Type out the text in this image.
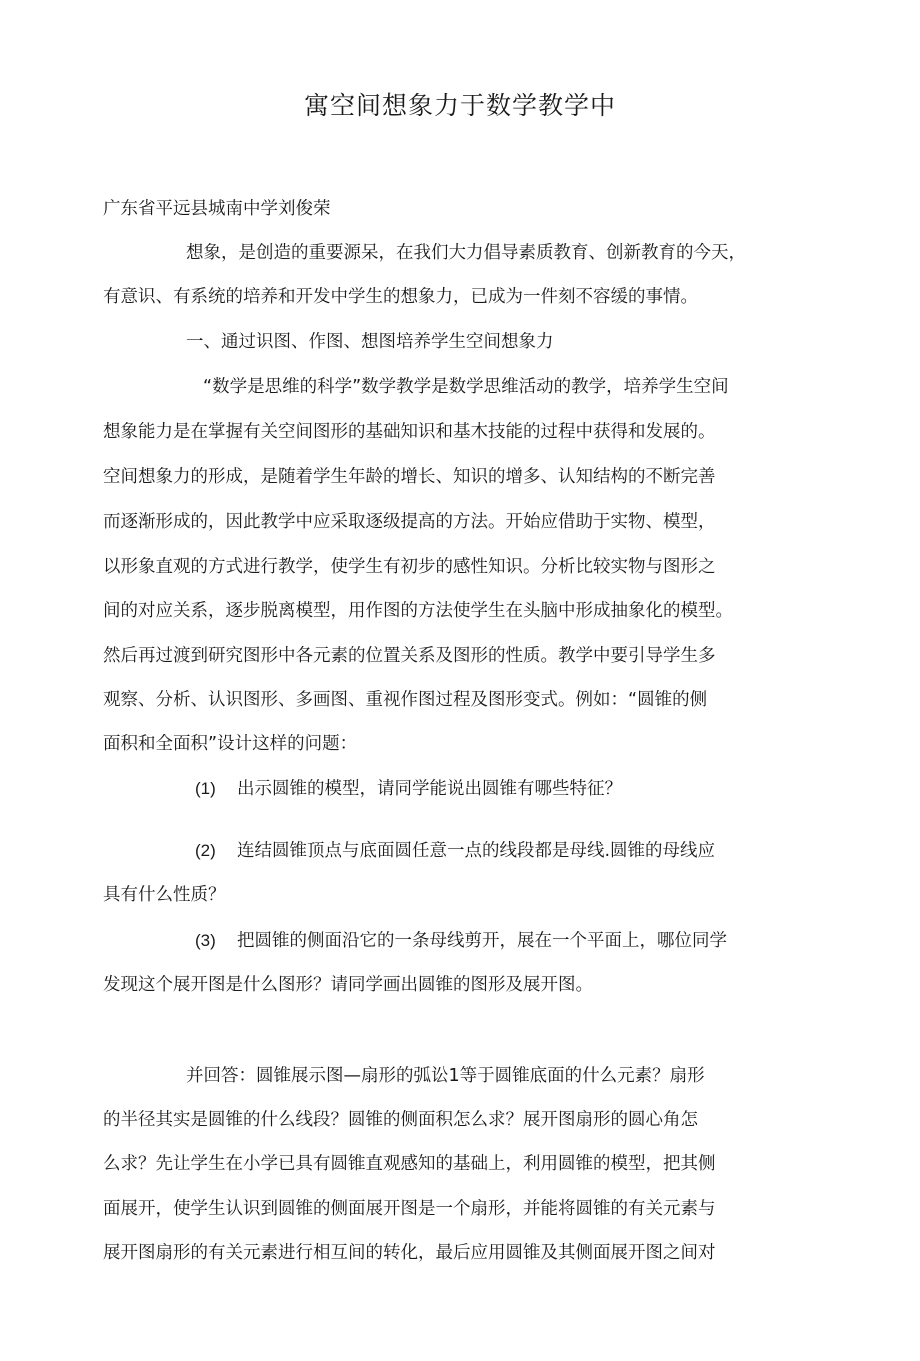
寓空间想象力于数学教学中

广东省平远县城南中学刘俊荣

想象，是创造的重要源呆，在我们大力倡导素质教育、创新教育的今天，

有意识、有系统的培养和开发中学生的想象力，已成为一件刻不容缓的事情。

一、通过识图、作图、想图培养学生空间想象力

“数学是思维的科学”数学教学是数学思维活动的教学，培养学生空间

想象能力是在掌握有关空间图形的基础知识和基木技能的过程中获得和发展的。

空间想象力的形成，是随着学生年龄的增长、知识的增多、认知结构的不断完善

而逐渐形成的，因此教学中应采取逐级提高的方法。开始应借助于实物、模型，

以形象直观的方式进行教学，使学生有初步的感性知识。分析比较实物与图形之

间的对应关系，逐步脱离模型，用作图的方法使学生在头脑中形成抽象化的模型。

然后再过渡到研究图形中各元素的位置关系及图形的性质。教学中要引导学生多

观察、分析、认识图形、多画图、重视作图过程及图形变式。例如：“圆锥的侧

面积和全面积”设计这样的问题：

(1) 出示圆锥的模型，请同学能说出圆锥有哪些特征？

(2) 连结圆锥顶点与底面圆任意一点的线段都是母线.圆锥的母线应

具有什么性质？

(3) 把圆锥的侧面沿它的一条母线剪开，展在一个平面上，哪位同学

发现这个展开图是什么图形？请同学画出圆锥的图形及展开图。

并回答：圆锥展示图—扇形的弧讼1等于圆锥底面的什么元素？扇形

的半径其实是圆锥的什么线段？圆锥的侧面积怎么求？展开图扇形的圆心角怎

么求？先让学生在小学已具有圆锥直观感知的基础上，利用圆锥的模型，把其侧

面展开，使学生认识到圆锥的侧面展开图是一个扇形，并能将圆锥的有关元素与

展开图扇形的有关元素进行相互间的转化，最后应用圆锥及其侧面展开图之间对
